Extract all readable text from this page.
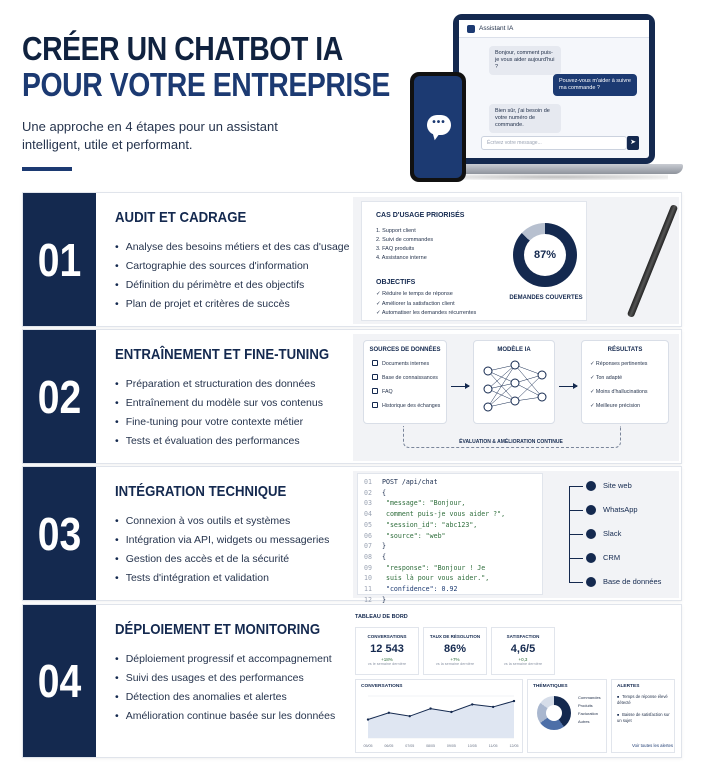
CRÉER UN CHATBOT IA
POUR VOTRE ENTREPRISE
Une approche en 4 étapes pour un assistant intelligent, utile et performant.
Assistant IA
Bonjour, comment puis-je vous aider aujourd'hui ?
Pouvez-vous m'aider à suivre ma commande ?
Bien sûr, j'ai besoin de votre numéro de commande.
Écrivez votre message...	➤
•••
01
AUDIT ET CADRAGE
• Analyse des besoins métiers et des cas d'usage
• Cartographie des sources d'information
• Définition du périmètre et des objectifs
• Plan de projet et critères de succès
CAS D'USAGE PRIORISÉS
1. Support client
2. Suivi de commandes
3. FAQ produits
4. Assistance interne
OBJECTIFS
✓ Réduire le temps de réponse
✓ Améliorer la satisfaction client
✓ Automatiser les demandes récurrentes
87%
DEMANDES COUVERTES
02
ENTRAÎNEMENT ET FINE-TUNING
• Préparation et structuration des données
• Entraînement du modèle sur vos contenus
• Fine-tuning pour votre contexte métier
• Tests et évaluation des performances
SOURCES DE DONNÉES
Documents internes
Base de connaissances
FAQ
Historique des échanges
MODÈLE IA	RÉSULTATS
✓ Réponses pertinentes
✓ Ton adapté
✓ Moins d'hallucinations
✓ Meilleure précision
ÉVALUATION & AMÉLIORATION CONTINUE
03
INTÉGRATION TECHNIQUE
• Connexion à vos outils et systèmes
• Intégration via API, widgets ou messageries
• Gestion des accès et de la sécurité
• Tests d'intégration et validation
01 POST /api/chat
02 {
03 "message": "Bonjour,
04 comment puis-je vous aider ?",
05 "session_id": "abc123",
06 "source": "web"
07 }
08 {
09 "response": "Bonjour ! Je
10 suis là pour vous aider.",
11 "confidence": 0.92
12 }
Site web
WhatsApp
Slack
CRM
Base de données
04
DÉPLOIEMENT ET MONITORING
• Déploiement progressif et accompagnement
• Suivi des usages et des performances
• Détection des anomalies et alertes
• Amélioration continue basée sur les données
TABLEAU DE BORD
CONVERSATIONS
12 543
+18%
vs le semaine dernière
TAUX DE RÉSOLUTION
86%
+7%
vs la semaine dernière
SATISFACTION
4,6/5
+0,3
vs la semaine dernière
CONVERSATIONS
05/05	06/05	07/05	08/05	09/05	10/05	11/05	12/05
THÉMATIQUES
Commandes
Produits
Facturation
Autres
ALERTES
■ Temps de réponse élevé détecté
■ Baisse de satisfaction sur un sujet
Voir toutes les alertes
